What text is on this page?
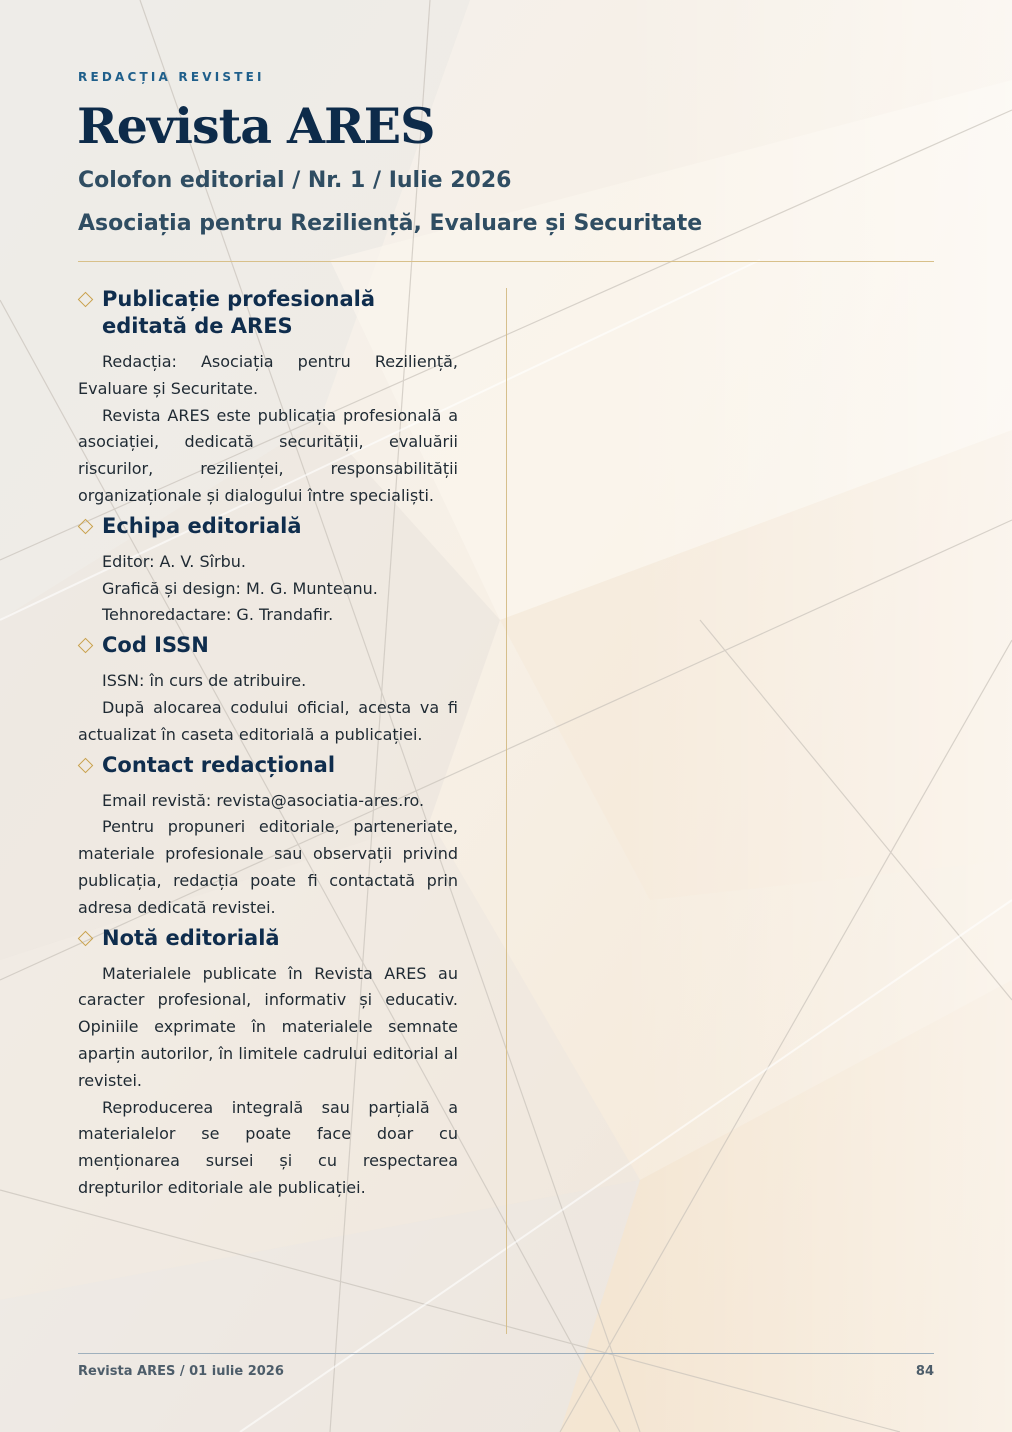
REDACȚIA REVISTEI
Revista ARES
Colofon editorial / Nr. 1 / Iulie 2026
Asociația pentru Reziliență, Evaluare și Securitate
Publicație profesională editată de ARES

Redacția: Asociația pentru Reziliență, Evaluare și Securitate.

Revista ARES este publicația profesională a asociației, dedicată securității, evaluării riscurilor, rezilienței, responsabilității organizaționale și dialogului între specialiști.

Echipa editorială

Editor: A. V. Sîrbu.

Grafică și design: M. G. Munteanu.

Tehnoredactare: G. Trandafir.

Cod ISSN

ISSN: în curs de atribuire.

După alocarea codului oficial, acesta va fi actualizat în caseta editorială a publicației.

Contact redacțional

Email revistă: revista@asociatia-ares.ro.

Pentru propuneri editoriale, parteneriate, materiale profesionale sau observații privind publicația, redacția poate fi contactată prin adresa dedicată revistei.

Notă editorială

Materialele publicate în Revista ARES au caracter profesional, informativ și educativ. Opiniile exprimate în materialele semnate aparțin autorilor, în limitele cadrului editorial al revistei.

Reproducerea integrală sau parțială a materialelor se poate face doar cu menționarea sursei și cu respectarea drepturilor editoriale ale publicației.

Revista ARES / 01 iulie 2026	84
